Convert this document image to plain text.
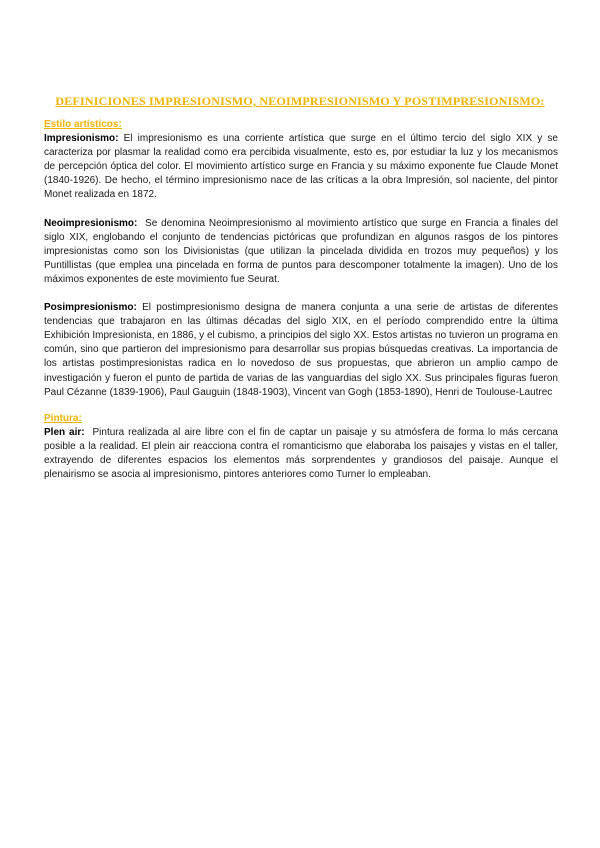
DEFINICIONES IMPRESIONISMO, NEOIMPRESIONISMO Y POSTIMPRESIONISMO:

Estilo artísticos:

Impresionismo: El impresionismo es una corriente artística que surge en el último tercio del siglo XIX y se caracteriza por plasmar la realidad como era percibida visualmente, esto es, por estudiar la luz y los mecanismos de percepción óptica del color. El movimiento artístico surge en Francia y su máximo exponente fue Claude Monet (1840-1926). De hecho, el término impresionismo nace de las críticas a la obra Impresión, sol naciente, del pintor Monet realizada en 1872.

Neoimpresionismo:  Se denomina Neoimpresionismo al movimiento artístico que surge en Francia a finales del siglo XIX, englobando el conjunto de tendencias pictóricas que profundizan en algunos rasgos de los pintores impresionistas como son los Divisionistas (que utilizan la pincelada dividida en trozos muy pequeños) y los Puntillistas (que emplea una pincelada en forma de puntos para descomponer totalmente la imagen). Uno de los máximos exponentes de este movimiento fue Seurat.

Posimpresionismo: El postimpresionismo designa de manera conjunta a una serie de artistas de diferentes tendencias que trabajaron en las últimas décadas del siglo XIX, en el período comprendido entre la última Exhibición Impresionista, en 1886, y el cubismo, a principios del siglo XX. Estos artistas no tuvieron un programa en común, sino que partieron del impresionismo para desarrollar sus propias búsquedas creativas. La importancia de los artistas postimpresionistas radica en lo novedoso de sus propuestas, que abrieron un amplio campo de investigación y fueron el punto de partida de varias de las vanguardias del siglo XX. Sus principales figuras fueron Paul Cézanne (1839-1906), Paul Gauguin (1848-1903), Vincent van Gogh (1853-1890), Henri de Toulouse-Lautrec

Pintura:

Plen air:  Pintura realizada al aire libre con el fin de captar un paisaje y su atmósfera de forma lo más cercana posible a la realidad. El plein air reacciona contra el romanticismo que elaboraba los paisajes y vistas en el taller, extrayendo de diferentes espacios los elementos más sorprendentes y grandiosos del paisaje. Aunque el plenairismo se asocia al impresionismo, pintores anteriores como Turner lo empleaban.
